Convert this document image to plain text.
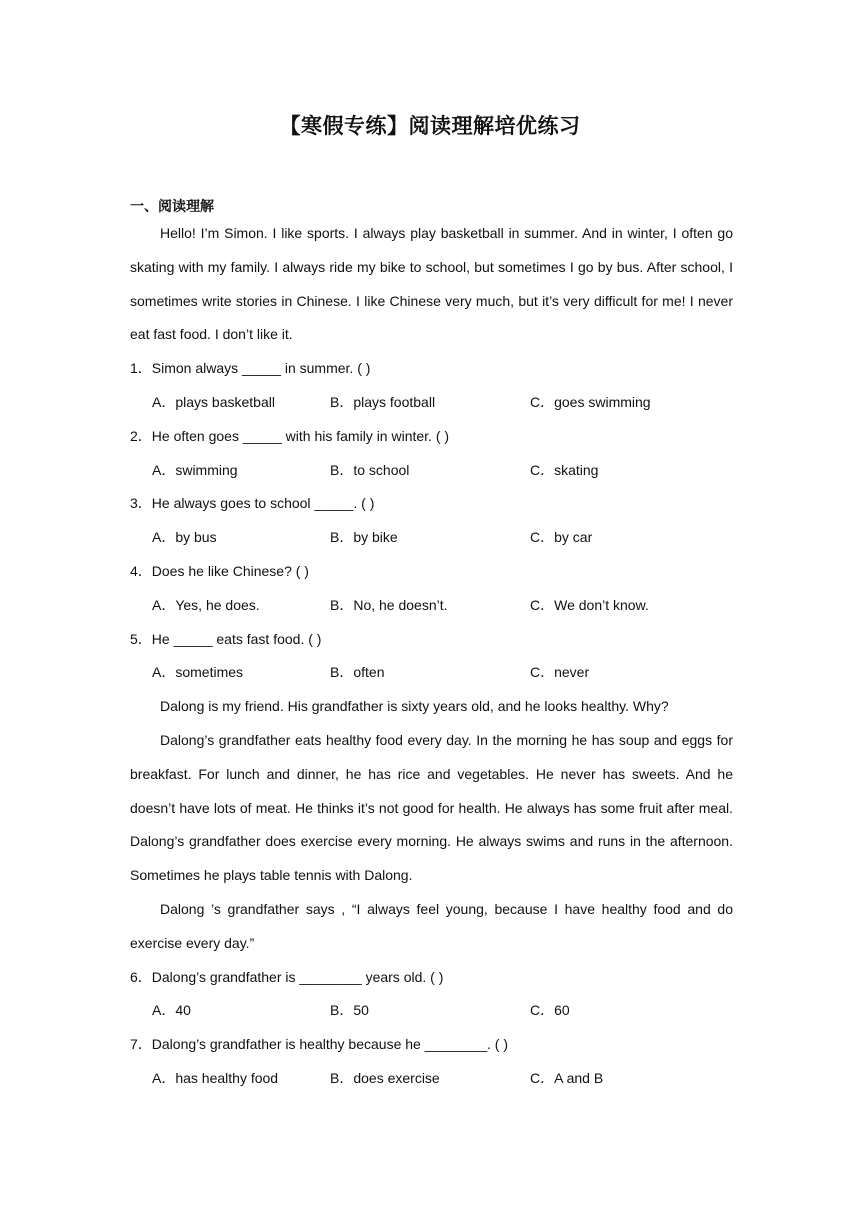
【寒假专练】阅读理解培优练习
一、阅读理解

Hello! I’m Simon. I like sports. I always play basketball in summer. And in winter, I often go skating with my family. I always ride my bike to school, but sometimes I go by bus. After school, I sometimes write stories in Chinese. I like Chinese very much, but it’s very difficult for me! I never eat fast food. I don’t like it.

1．Simon always _____ in summer. ( )
A．plays basketball	B．plays football	C．goes swimming
2．He often goes _____ with his family in winter. ( )
A．swimming	B．to school	C．skating
3．He always goes to school _____. ( )
A．by bus	B．by bike	C．by car
4．Does he like Chinese? ( )
A．Yes, he does.	B．No, he doesn’t.	C．We don’t know.
5．He _____ eats fast food. ( )
A．sometimes	B．often	C．never

Dalong is my friend. His grandfather is sixty years old, and he looks healthy. Why?

Dalong’s grandfather eats healthy food every day. In the morning he has soup and eggs for breakfast. For lunch and dinner, he has rice and vegetables. He never has sweets. And he doesn’t have lots of meat. He thinks it’s not good for health. He always has some fruit after meal. Dalong’s grandfather does exercise every morning. He always swims and runs in the afternoon. Sometimes he plays table tennis with Dalong.

Dalong ’s grandfather says , “I always feel young, because I have healthy food and do exercise every day.”

6．Dalong’s grandfather is ________ years old. ( )
A．40	B．50	C．60
7．Dalong’s grandfather is healthy because he ________. ( )
A．has healthy food	B．does exercise	C．A and B
